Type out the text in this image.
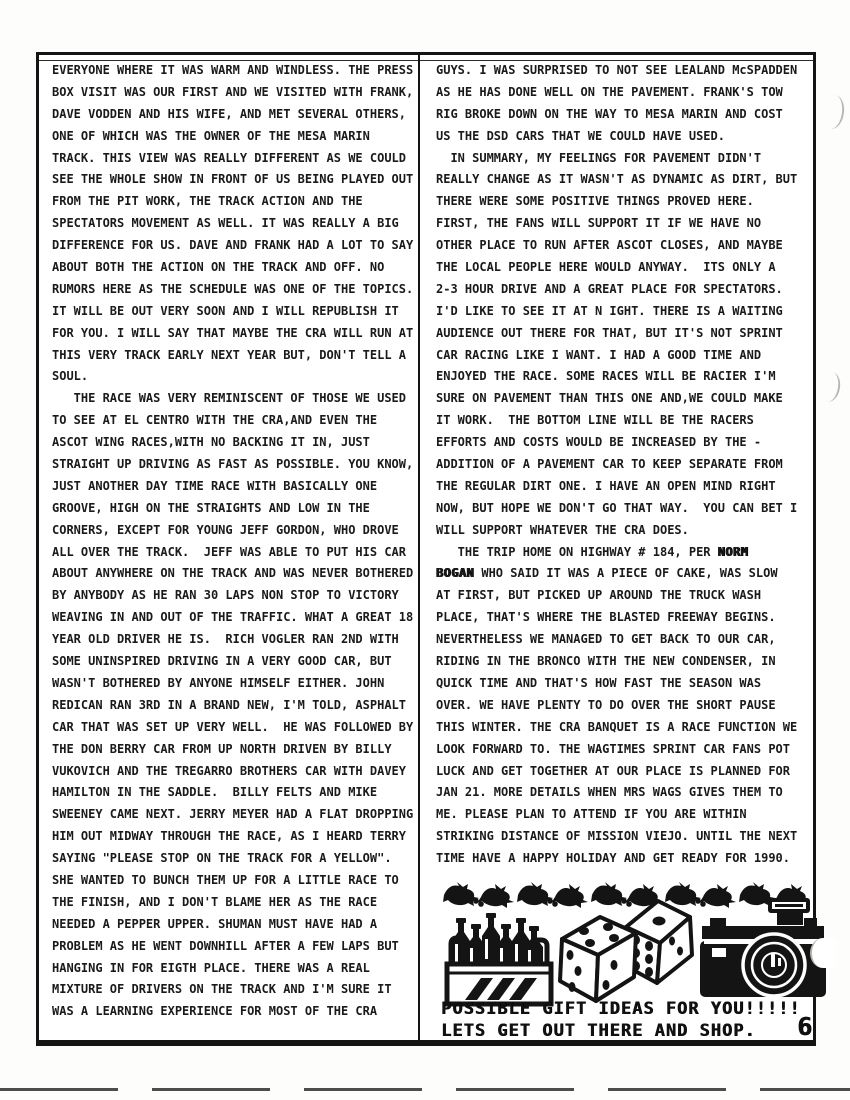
EVERYONE WHERE IT WAS WARM AND WINDLESS. THE PRESS
BOX VISIT WAS OUR FIRST AND WE VISITED WITH FRANK,
DAVE VODDEN AND HIS WIFE, AND MET SEVERAL OTHERS,
ONE OF WHICH WAS THE OWNER OF THE MESA MARIN
TRACK. THIS VIEW WAS REALLY DIFFERENT AS WE COULD
SEE THE WHOLE SHOW IN FRONT OF US BEING PLAYED OUT
FROM THE PIT WORK, THE TRACK ACTION AND THE
SPECTATORS MOVEMENT AS WELL. IT WAS REALLY A BIG
DIFFERENCE FOR US. DAVE AND FRANK HAD A LOT TO SAY
ABOUT BOTH THE ACTION ON THE TRACK AND OFF. NO
RUMORS HERE AS THE SCHEDULE WAS ONE OF THE TOPICS.
IT WILL BE OUT VERY SOON AND I WILL REPUBLISH IT
FOR YOU. I WILL SAY THAT MAYBE THE CRA WILL RUN AT
THIS VERY TRACK EARLY NEXT YEAR BUT, DON'T TELL A
SOUL.
THE RACE WAS VERY REMINISCENT OF THOSE WE USED
TO SEE AT EL CENTRO WITH THE CRA,AND EVEN THE
ASCOT WING RACES,WITH NO BACKING IT IN, JUST
STRAIGHT UP DRIVING AS FAST AS POSSIBLE. YOU KNOW,
JUST ANOTHER DAY TIME RACE WITH BASICALLY ONE
GROOVE, HIGH ON THE STRAIGHTS AND LOW IN THE
CORNERS, EXCEPT FOR YOUNG JEFF GORDON, WHO DROVE
ALL OVER THE TRACK.  JEFF WAS ABLE TO PUT HIS CAR
ABOUT ANYWHERE ON THE TRACK AND WAS NEVER BOTHERED
BY ANYBODY AS HE RAN 30 LAPS NON STOP TO VICTORY
WEAVING IN AND OUT OF THE TRAFFIC. WHAT A GREAT 18
YEAR OLD DRIVER HE IS.  RICH VOGLER RAN 2ND WITH
SOME UNINSPIRED DRIVING IN A VERY GOOD CAR, BUT
WASN'T BOTHERED BY ANYONE HIMSELF EITHER. JOHN
REDICAN RAN 3RD IN A BRAND NEW, I'M TOLD, ASPHALT
CAR THAT WAS SET UP VERY WELL.  HE WAS FOLLOWED BY
THE DON BERRY CAR FROM UP NORTH DRIVEN BY BILLY
VUKOVICH AND THE TREGARRO BROTHERS CAR WITH DAVEY
HAMILTON IN THE SADDLE.  BILLY FELTS AND MIKE
SWEENEY CAME NEXT. JERRY MEYER HAD A FLAT DROPPING
HIM OUT MIDWAY THROUGH THE RACE, AS I HEARD TERRY
SAYING "PLEASE STOP ON THE TRACK FOR A YELLOW".
SHE WANTED TO BUNCH THEM UP FOR A LITTLE RACE TO
THE FINISH, AND I DON'T BLAME HER AS THE RACE
NEEDED A PEPPER UPPER. SHUMAN MUST HAVE HAD A
PROBLEM AS HE WENT DOWNHILL AFTER A FEW LAPS BUT
HANGING IN FOR EIGTH PLACE. THERE WAS A REAL
MIXTURE OF DRIVERS ON THE TRACK AND I'M SURE IT
WAS A LEARNING EXPERIENCE FOR MOST OF THE CRA
GUYS. I WAS SURPRISED TO NOT SEE LEALAND McSPADDEN
AS HE HAS DONE WELL ON THE PAVEMENT. FRANK'S TOW
RIG BROKE DOWN ON THE WAY TO MESA MARIN AND COST
US THE DSD CARS THAT WE COULD HAVE USED.
IN SUMMARY, MY FEELINGS FOR PAVEMENT DIDN'T
REALLY CHANGE AS IT WASN'T AS DYNAMIC AS DIRT, BUT
THERE WERE SOME POSITIVE THINGS PROVED HERE.
FIRST, THE FANS WILL SUPPORT IT IF WE HAVE NO
OTHER PLACE TO RUN AFTER ASCOT CLOSES, AND MAYBE
THE LOCAL PEOPLE HERE WOULD ANYWAY.  ITS ONLY A
2-3 HOUR DRIVE AND A GREAT PLACE FOR SPECTATORS.
I'D LIKE TO SEE IT AT N IGHT. THERE IS A WAITING
AUDIENCE OUT THERE FOR THAT, BUT IT'S NOT SPRINT
CAR RACING LIKE I WANT. I HAD A GOOD TIME AND
ENJOYED THE RACE. SOME RACES WILL BE RACIER I'M
SURE ON PAVEMENT THAN THIS ONE AND,WE COULD MAKE
IT WORK.  THE BOTTOM LINE WILL BE THE RACERS
EFFORTS AND COSTS WOULD BE INCREASED BY THE -
ADDITION OF A PAVEMENT CAR TO KEEP SEPARATE FROM
THE REGULAR DIRT ONE. I HAVE AN OPEN MIND RIGHT
NOW, BUT HOPE WE DON'T GO THAT WAY.  YOU CAN BET I
WILL SUPPORT WHATEVER THE CRA DOES.
THE TRIP HOME ON HIGHWAY # 184, PER NORM
BOGAN WHO SAID IT WAS A PIECE OF CAKE, WAS SLOW
AT FIRST, BUT PICKED UP AROUND THE TRUCK WASH
PLACE, THAT'S WHERE THE BLASTED FREEWAY BEGINS.
NEVERTHELESS WE MANAGED TO GET BACK TO OUR CAR,
RIDING IN THE BRONCO WITH THE NEW CONDENSER, IN
QUICK TIME AND THAT'S HOW FAST THE SEASON WAS
OVER. WE HAVE PLENTY TO DO OVER THE SHORT PAUSE
THIS WINTER. THE CRA BANQUET IS A RACE FUNCTION WE
LOOK FORWARD TO. THE WAGTIMES SPRINT CAR FANS POT
LUCK AND GET TOGETHER AT OUR PLACE IS PLANNED FOR
JAN 21. MORE DETAILS WHEN MRS WAGS GIVES THEM TO
ME. PLEASE PLAN TO ATTEND IF YOU ARE WITHIN
STRIKING DISTANCE OF MISSION VIEJO. UNTIL THE NEXT
TIME HAVE A HAPPY HOLIDAY AND GET READY FOR 1990.
POSSIBLE GIFT IDEAS FOR YOU!!!!!
LETS GET OUT THERE AND SHOP. 6
